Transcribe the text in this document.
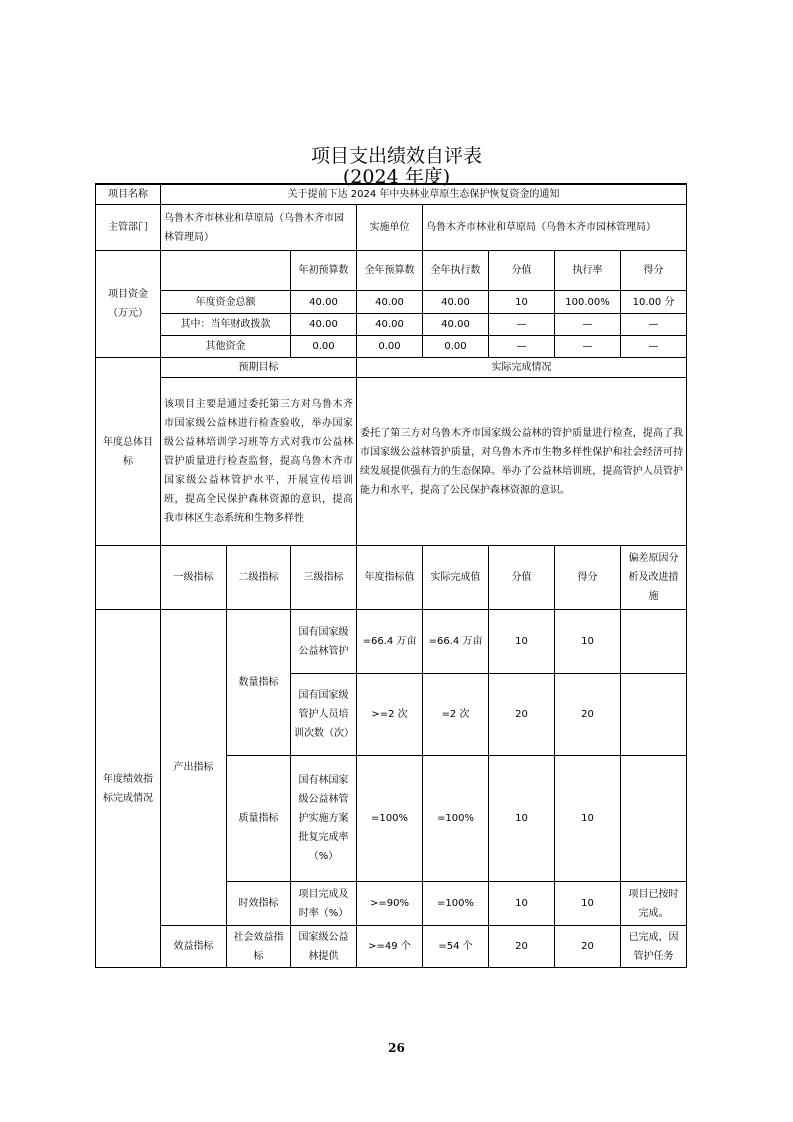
项目支出绩效自评表
(2024 年度)
项目名称	关于提前下达 2024 年中央林业草原生态保护恢复资金的通知							
主管部门	乌鲁木齐市林业和草原局（乌鲁木齐市园林管理局）			实施单位	乌鲁木齐市林业和草原局（乌鲁木齐市园林管理局）			
项目资金（万元）			年初预算数	全年预算数	全年执行数	分值	执行率	得分
	年度资金总额		40.00	40.00	40.00	10	100.00%	10.00 分
	其中：当年财政拨款		40.00	40.00	40.00	—	—	—
	其他资金		0.00	0.00	0.00	—	—	—
年度总体目标	预期目标			实际完成情况				
	该项目主要是通过委托第三方对乌鲁木齐市国家级公益林进行检查验收，举办国家级公益林培训学习班等方式对我市公益林管护质量进行检查监督，提高乌鲁木齐市国家级公益林管护水平，开展宣传培训班，提高全民保护森林资源的意识，提高我市林区生态系统和生物多样性			委托了第三方对乌鲁木齐市国家级公益林的管护质量进行检查，提高了我市国家级公益林管护质量，对乌鲁木齐市生物多样性保护和社会经济可持续发展提供强有力的生态保障。举办了公益林培训班，提高管护人员管护能力和水平，提高了公民保护森林资源的意识。				
	一级指标	二级指标	三级指标	年度指标值	实际完成值	分值	得分	偏差原因分析及改进措施
年度绩效指标完成情况	产出指标	数量指标	国有国家级公益林管护	=66.4 万亩	=66.4 万亩	10	10	
			国有国家级管护人员培训次数（次）	>=2 次	=2 次	20	20	
		质量指标	国有林国家级公益林管护实施方案批复完成率（%）	=100%	=100%	10	10	
		时效指标	项目完成及时率（%）	>=90%	=100%	10	10	项目已按时完成。
	效益指标	社会效益指标	国家级公益林提供	>=49 个	=54 个	20	20	已完成，因管护任务
26
